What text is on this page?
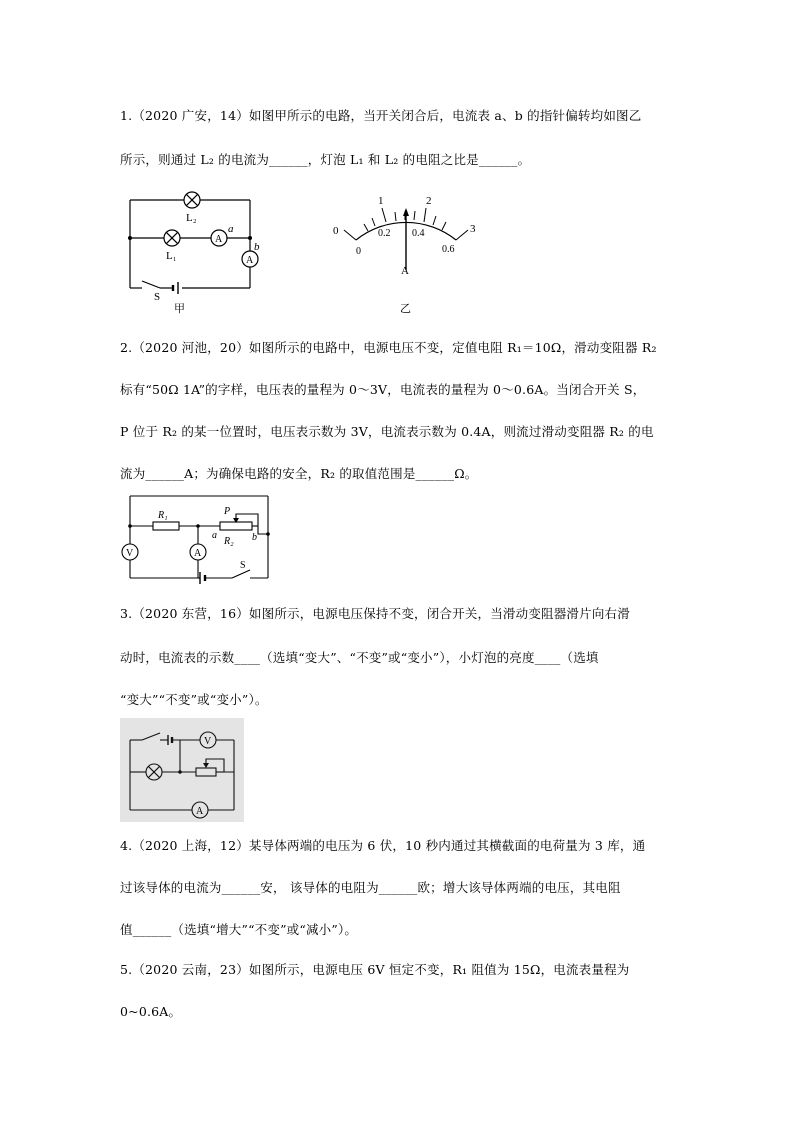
1.（2020 广安，14）如图甲所示的电路，当开关闭合后，电流表 a、b 的指针偏转均如图乙
所示，则通过 L₂ 的电流为______，灯泡 L₁ 和 L₂ 的电阻之比是______。
L₂
L₁
a
b
A
A
S
甲
0
1	2
3
0
0.2 0.4
0.6
A
乙
2.（2020 河池，20）如图所示的电路中，电源电压不变，定值电阻 R₁＝10Ω，滑动变阻器 R₂
标有“50Ω 1A”的字样，电压表的量程为 0～3V，电流表的量程为 0～0.6A。当闭合开关 S，
P 位于 R₂ 的某一位置时，电压表示数为 3V，电流表示数为 0.4A，则流过滑动变阻器 R₂ 的电
流为______A；为确保电路的安全，R₂ 的取值范围是______Ω。
R₁
R₂
P
a	b
V	A
S
3.（2020 东营，16）如图所示，电源电压保持不变，闭合开关，当滑动变阻器滑片向右滑
动时，电流表的示数____（选填“变大”、“不变”或“变小”），小灯泡的亮度____（选填
“变大”“不变”或“变小”）。
V
A
4.（2020 上海，12）某导体两端的电压为 6 伏，10 秒内通过其横截面的电荷量为 3 库，通
过该导体的电流为______安， 该导体的电阻为______欧；增大该导体两端的电压，其电阻
值______（选填“增大”“不变”或“减小”）。
5.（2020 云南，23）如图所示，电源电压 6V 恒定不变，R₁ 阻值为 15Ω，电流表量程为
0~0.6A。
